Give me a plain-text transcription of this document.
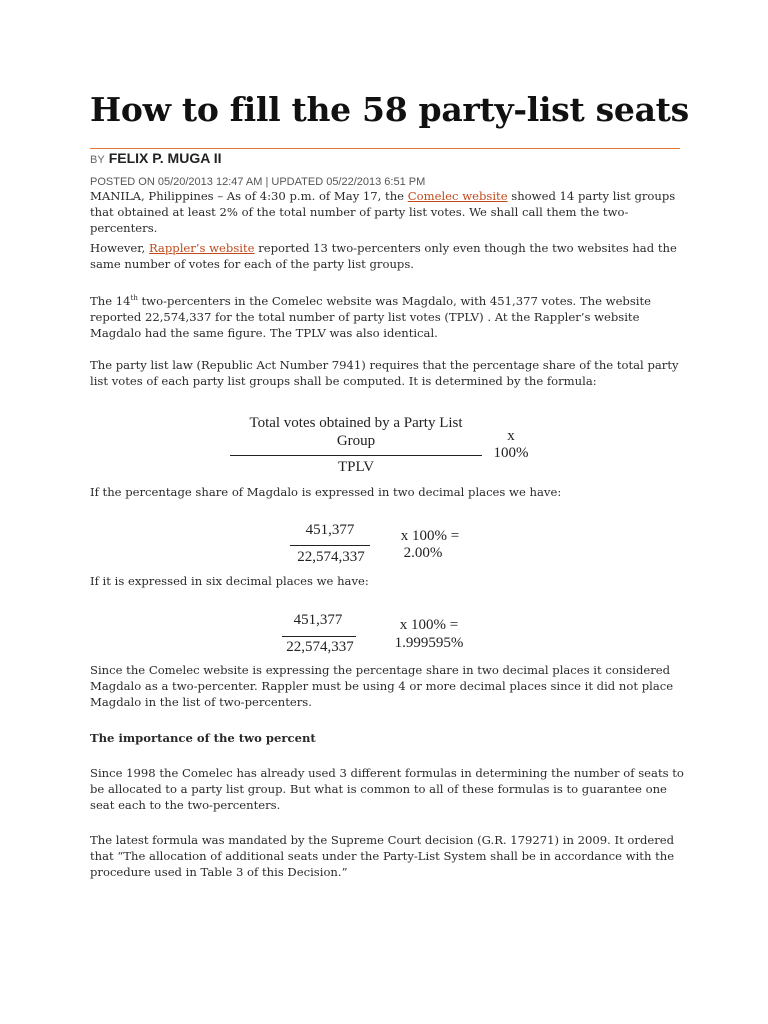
How to fill the 58 party-list seats
BY FELIX P. MUGA II
POSTED ON 05/20/2013 12:47 AM | UPDATED 05/22/2013 6:51 PM
MANILA, Philippines – As of 4:30 p.m. of May 17, the Comelec website showed 14 party list groups that obtained at least 2% of the total number of party list votes. We shall call them the two-percenters.
However, Rappler’s website reported 13 two-percenters only even though the two websites had the same number of votes for each of the party list groups.
The 14th two-percenters in the Comelec website was Magdalo, with 451,377 votes. The website reported 22,574,337 for the total number of party list votes (TPLV) . At the Rappler’s website Magdalo had the same figure. The TPLV was also identical.
The party list law (Republic Act Number 7941) requires that the percentage share of the total party list votes of each party list groups shall be computed. It is determined by the formula:
Total votes obtained by a Party List
Group
TPLV
x
100%
If the percentage share of Magdalo is expressed in two decimal places we have:
451,377
22,574,337
x 100% =
2.00%
If it is expressed in six decimal places we have:
451,377
22,574,337
x 100% =
1.999595%
Since the Comelec website is expressing the percentage share in two decimal places it considered Magdalo as a two-percenter. Rappler must be using 4 or more decimal places since it did not place Magdalo in the list of two-percenters.
The importance of the two percent
Since 1998 the Comelec has already used 3 different formulas in determining the number of seats to be allocated to a party list group. But what is common to all of these formulas is to guarantee one seat each to the two-percenters.
The latest formula was mandated by the Supreme Court decision (G.R. 179271) in 2009. It ordered that “The allocation of additional seats under the Party-List System shall be in accordance with the procedure used in Table 3 of this Decision.”
